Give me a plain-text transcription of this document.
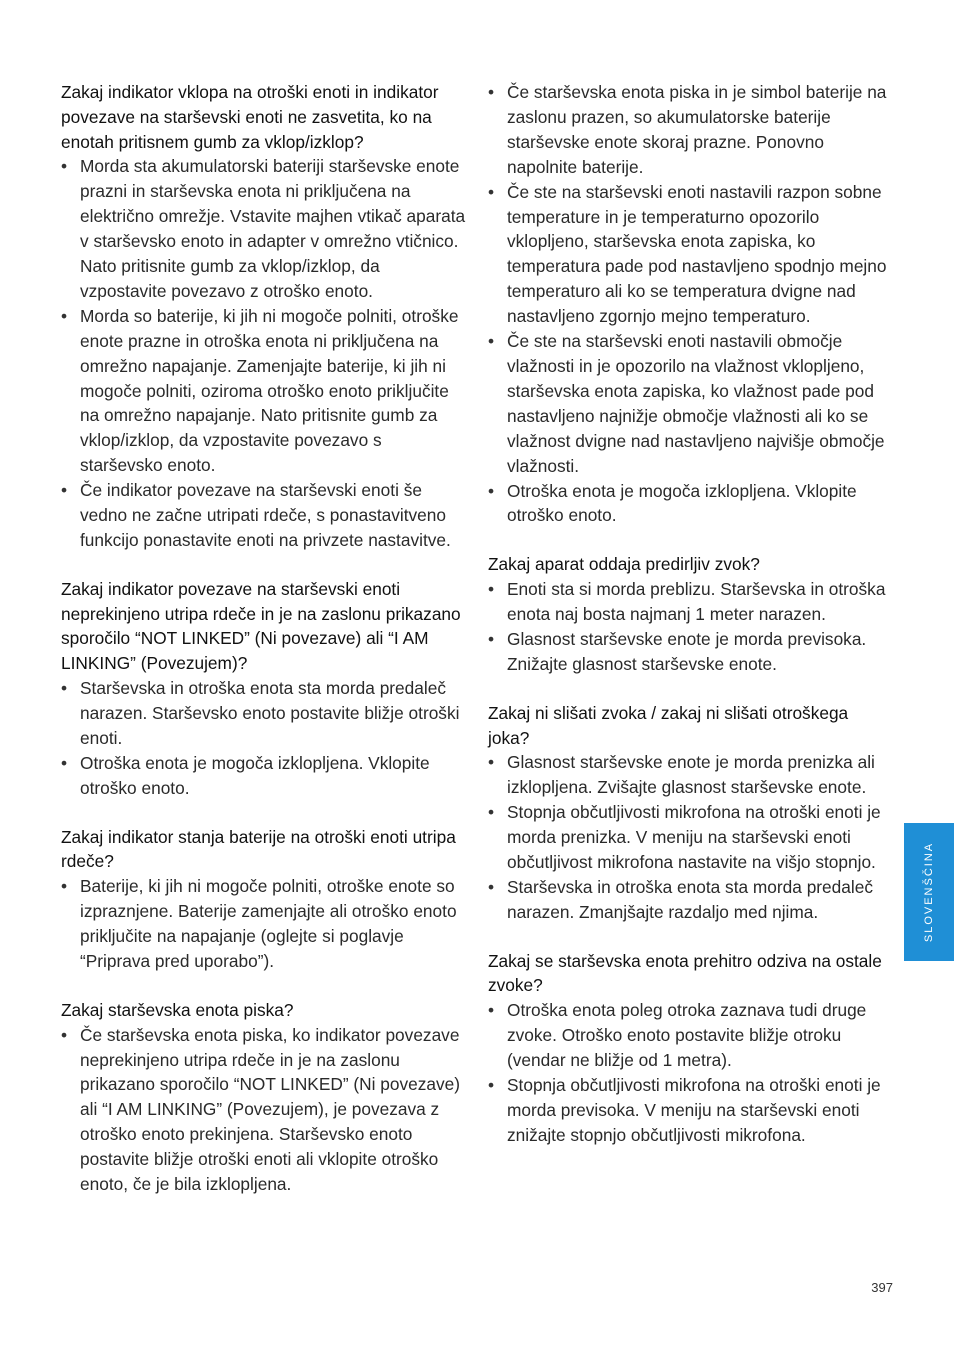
Zakaj indikator vklopa na otroški enoti in indikator povezave na starševski enoti ne zasvetita, ko na enotah pritisnem gumb za vklop/izklop?

• Morda sta akumulatorski bateriji starševske enote prazni in starševska enota ni priključena na električno omrežje. Vstavite majhen vtikač aparata v starševsko enoto in adapter v omrežno vtičnico. Nato pritisnite gumb za vklop/izklop, da vzpostavite povezavo z otroško enoto.
• Morda so baterije, ki jih ni mogoče polniti, otroške enote prazne in otroška enota ni priključena na omrežno napajanje. Zamenjajte baterije, ki jih ni mogoče polniti, oziroma otroško enoto priključite na omrežno napajanje. Nato pritisnite gumb za vklop/izklop, da vzpostavite povezavo s starševsko enoto.
• Če indikator povezave na starševski enoti še vedno ne začne utripati rdeče, s ponastavitveno funkcijo ponastavite enoti na privzete nastavitve.

Zakaj indikator povezave na starševski enoti neprekinjeno utripa rdeče in je na zaslonu prikazano sporočilo “NOT LINKED” (Ni povezave) ali “I AM LINKING” (Povezujem)?

• Starševska in otroška enota sta morda predaleč narazen. Starševsko enoto postavite bližje otroški enoti.
• Otroška enota je mogoča izklopljena. Vklopite otroško enoto.

Zakaj indikator stanja baterije na otroški enoti utripa rdeče?

• Baterije, ki jih ni mogoče polniti, otroške enote so izpraznjene. Baterije zamenjajte ali otroško enoto priključite na napajanje (oglejte si poglavje “Priprava pred uporabo”).

Zakaj starševska enota piska?

• Če starševska enota piska, ko indikator povezave neprekinjeno utripa rdeče in je na zaslonu prikazano sporočilo “NOT LINKED” (Ni povezave) ali “I AM LINKING” (Povezujem), je povezava z otroško enoto prekinjena. Starševsko enoto postavite bližje otroški enoti ali vklopite otroško enoto, če je bila izklopljena.
• Če starševska enota piska in je simbol baterije na zaslonu prazen, so akumulatorske baterije starševske enote skoraj prazne. Ponovno napolnite baterije.
• Če ste na starševski enoti nastavili razpon sobne temperature in je temperaturno opozorilo vklopljeno, starševska enota zapiska, ko temperatura pade pod nastavljeno spodnjo mejno temperaturo ali ko se temperatura dvigne nad nastavljeno zgornjo mejno temperaturo.
• Če ste na starševski enoti nastavili območje vlažnosti in je opozorilo na vlažnost vklopljeno, starševska enota zapiska, ko vlažnost pade pod nastavljeno najnižje območje vlažnosti ali ko se vlažnost dvigne nad nastavljeno najvišje območje vlažnosti.
• Otroška enota je mogoča izklopljena. Vklopite otroško enoto.

Zakaj aparat oddaja predirljiv zvok?

• Enoti sta si morda preblizu. Starševska in otroška enota naj bosta najmanj 1 meter narazen.
• Glasnost starševske enote je morda previsoka. Znižajte glasnost starševske enote.

Zakaj ni slišati zvoka / zakaj ni slišati otroškega joka?

• Glasnost starševske enote je morda prenizka ali izklopljena. Zvišajte glasnost starševske enote.
• Stopnja občutljivosti mikrofona na otroški enoti je morda prenizka. V meniju na starševski enoti občutljivost mikrofona nastavite na višjo stopnjo.
• Starševska in otroška enota sta morda predaleč narazen. Zmanjšajte razdaljo med njima.

Zakaj se starševska enota prehitro odziva na ostale zvoke?

• Otroška enota poleg otroka zaznava tudi druge zvoke. Otroško enoto postavite bližje otroku (vendar ne bližje od 1 metra).
• Stopnja občutljivosti mikrofona na otroški enoti je morda previsoka. V meniju na starševski enoti znižajte stopnjo občutljivosti mikrofona.
SLOVENŠČINA
397
